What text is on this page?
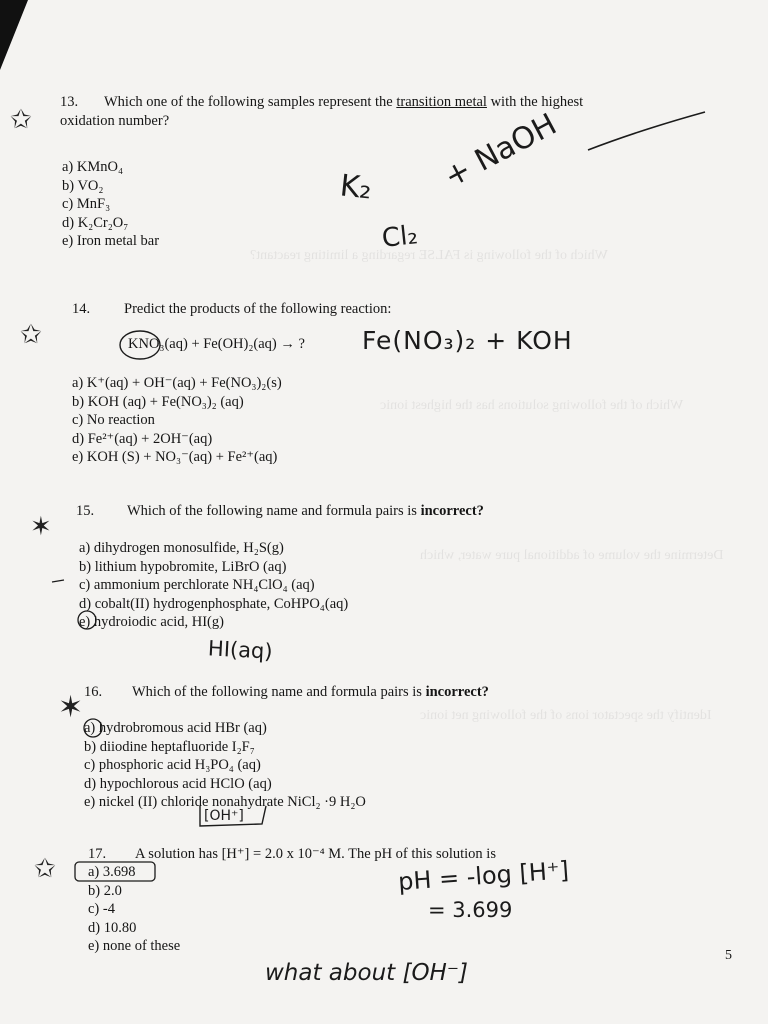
Which of the following is FALSE regarding a limiting reactant?
Which of the following solutions has the highest ionic
Determine the volume of additional pure water, which
Identify the spectator ions of the following net ionic
13. Which one of the following samples represent the transition metal with the highest
oxidation number?
a) KMnO₄
b) VO₂
c) MnF₃
d) K₂Cr₂O₇
e) Iron metal bar
14. Predict the products of the following reaction:
KNO₃(aq) + Fe(OH)₂(aq) → ?
a) K⁺(aq) + OH⁻(aq) + Fe(NO₃)₂(s)
b) KOH (aq) + Fe(NO₃)₂ (aq)
c) No reaction
d) Fe²⁺(aq) + 2OH⁻(aq)
e) KOH (S) + NO₃⁻(aq) + Fe²⁺(aq)
15. Which of the following name and formula pairs is incorrect?
a) dihydrogen monosulfide, H₂S(g)
b) lithium hypobromite, LiBrO (aq)
c) ammonium perchlorate NH₄ClO₄ (aq)
d) cobalt(II) hydrogenphosphate, CoHPO₄(aq)
e) hydroiodic acid, HI(g)
16. Which of the following name and formula pairs is incorrect?
a) hydrobromous acid HBr (aq)
b) diiodine heptafluoride I₂F₇
c) phosphoric acid H₃PO₄ (aq)
d) hypochlorous acid HClO (aq)
e) nickel (II) chloride nonahydrate NiCl₂ ·9 H₂O
17. A solution has [H⁺] = 2.0 x 10⁻⁴ M. The pH of this solution is
a) 3.698
b) 2.0
c) -4
d) 10.80
e) none of these
5
K₂ + NaOH
Cl₂
Fe(NO₃)₂ + KOH
HI(aq)
[OH⁺]
pH = -log [H⁺]
= 3.699
what about [OH⁻]
✩
✩
✶
✶
✩
